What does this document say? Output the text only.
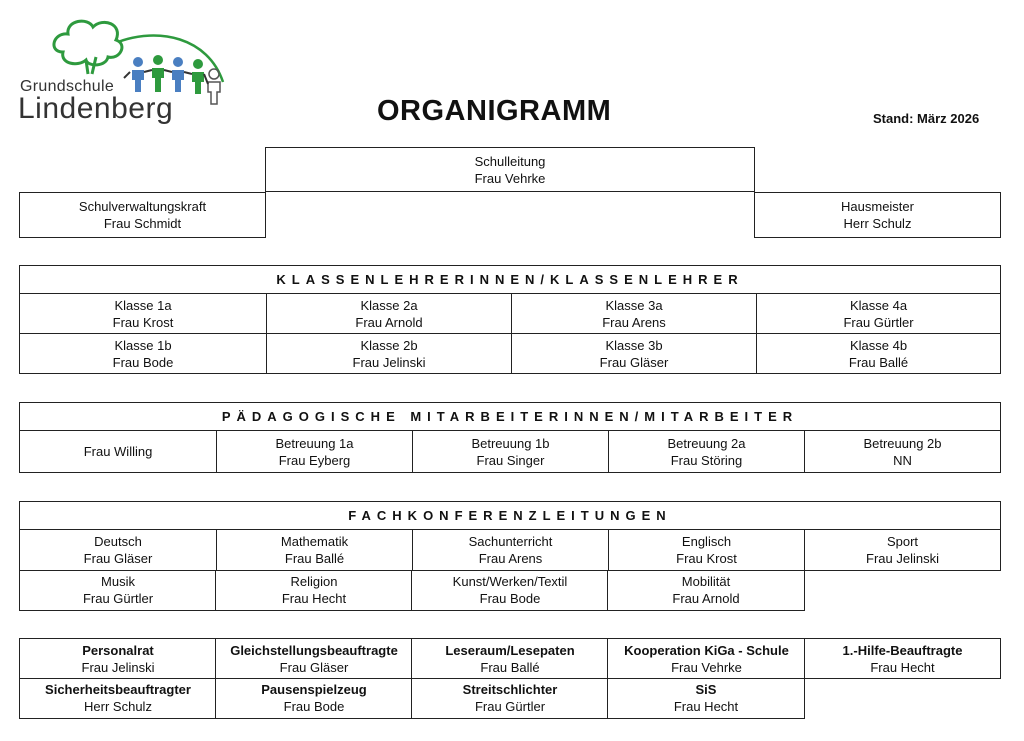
Grundschule
Lindenberg	ORGANIGRAMM	Stand: März 2026
Schulleitung
Frau Vehrke
Schulverwaltungskraft
Frau Schmidt
Hausmeister
Herr Schulz
KLASSENLEHRERINNEN/KLASSENLEHRER
Klasse 1a
Frau Krost
Klasse 2a
Frau Arnold
Klasse 3a
Frau Arens
Klasse 4a
Frau Gürtler
Klasse 1b
Frau Bode
Klasse 2b
Frau Jelinski
Klasse 3b
Frau Gläser
Klasse 4b
Frau Ballé
PÄDAGOGISCHE MITARBEITERINNEN/MITARBEITER
Frau Willing
Betreuung 1a
Frau Eyberg
Betreuung 1b
Frau Singer
Betreuung 2a
Frau Störing
Betreuung 2b
NN
FACHKONFERENZLEITUNGEN
Deutsch
Frau Gläser
Mathematik
Frau Ballé
Sachunterricht
Frau Arens
Englisch
Frau Krost
Sport
Frau Jelinski
Musik
Frau Gürtler
Religion
Frau Hecht
Kunst/Werken/Textil
Frau Bode
Mobilität
Frau Arnold
Personalrat
Frau Jelinski
Gleichstellungsbeauftragte
Frau Gläser
Leseraum/Lesepaten
Frau Ballé
Kooperation KiGa - Schule
Frau Vehrke
1.-Hilfe-Beauftragte
Frau Hecht
Sicherheitsbeauftragter
Herr Schulz
Pausenspielzeug
Frau Bode
Streitschlichter
Frau Gürtler
SiS
Frau Hecht
